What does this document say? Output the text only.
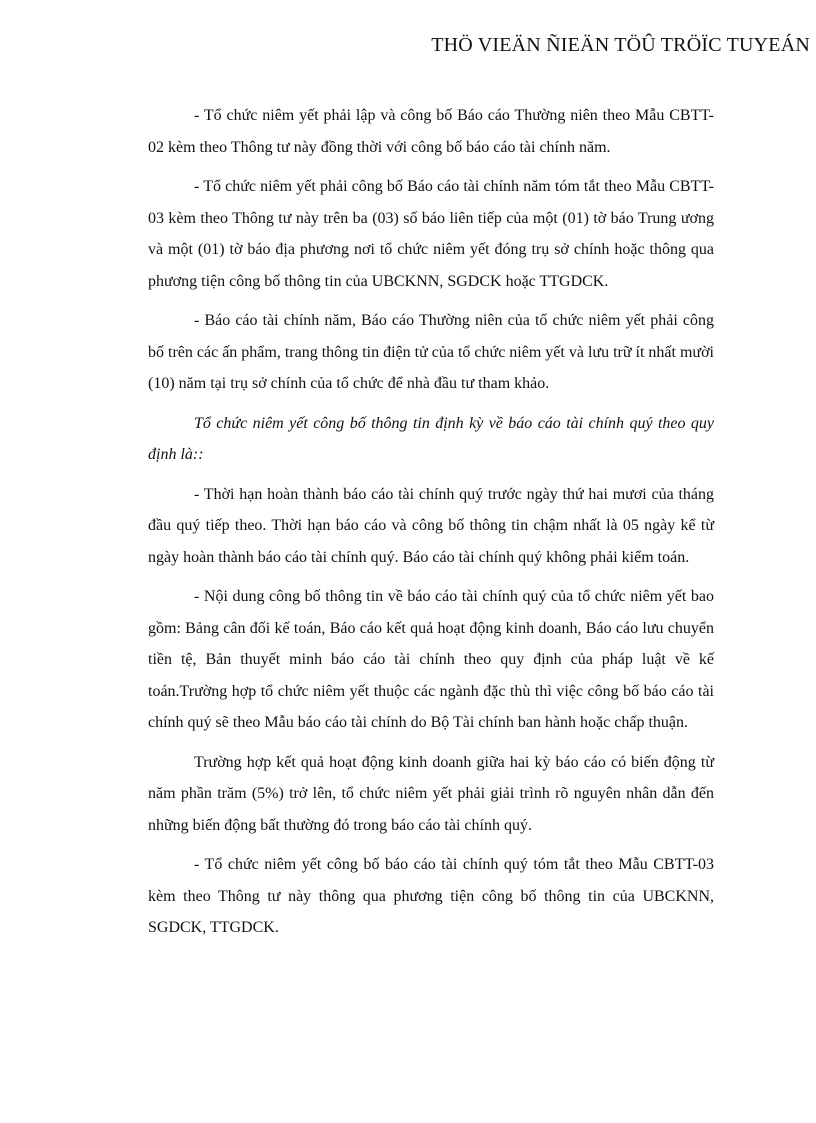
THÖ VIEÄN ÑIEÄN TÖÛ TRÖÏC TUYEÁN

- Tổ chức niêm yết phải lập và công bố Báo cáo Thường niên theo Mẫu CBTT-02 kèm theo Thông tư này đồng thời với công bố báo cáo tài chính năm.

- Tổ chức niêm yết phải công bố Báo cáo tài chính năm tóm tắt theo Mẫu CBTT-03 kèm theo Thông tư này trên ba (03) số báo liên tiếp của một (01) tờ báo Trung ương và một (01) tờ báo địa phương nơi tổ chức niêm yết đóng trụ sở chính hoặc thông qua phương tiện công bố thông tin của UBCKNN, SGDCK hoặc TTGDCK.

- Báo cáo tài chính năm, Báo cáo Thường niên của tổ chức niêm yết phải công bố trên các ấn phẩm, trang thông tin điện tử của tổ chức niêm yết và lưu trữ ít nhất mười (10) năm tại trụ sở chính của tổ chức để nhà đầu tư tham khảo.

Tổ chức niêm yết công bố thông tin định kỳ về báo cáo tài chính quý theo quy định là::

- Thời hạn hoàn thành báo cáo tài chính quý trước ngày thứ hai mươi của tháng đầu quý tiếp theo. Thời hạn báo cáo và công bố thông tin chậm nhất là 05 ngày kể từ ngày hoàn thành báo cáo tài chính quý. Báo cáo tài chính quý không phải kiểm toán.

- Nội dung công bố thông tin về báo cáo tài chính quý của tổ chức niêm yết bao gồm: Bảng cân đối kế toán, Báo cáo kết quả hoạt động kinh doanh, Báo cáo lưu chuyển tiền tệ, Bản thuyết minh báo cáo tài chính theo quy định của pháp luật về kế toán.Trường hợp tổ chức niêm yết thuộc các ngành đặc thù thì việc công bố báo cáo tài chính quý sẽ theo Mẫu báo cáo tài chính do Bộ Tài chính ban hành hoặc chấp thuận.

Trường hợp kết quả hoạt động kinh doanh giữa hai kỳ báo cáo có biến động từ năm phần trăm (5%) trở lên, tổ chức niêm yết phải giải trình rõ nguyên nhân dẫn đến những biến động bất thường đó trong báo cáo tài chính quý.

- Tổ chức niêm yết công bố báo cáo tài chính quý tóm tắt theo Mẫu CBTT-03 kèm theo Thông tư này thông qua phương tiện công bố thông tin của UBCKNN, SGDCK, TTGDCK.
